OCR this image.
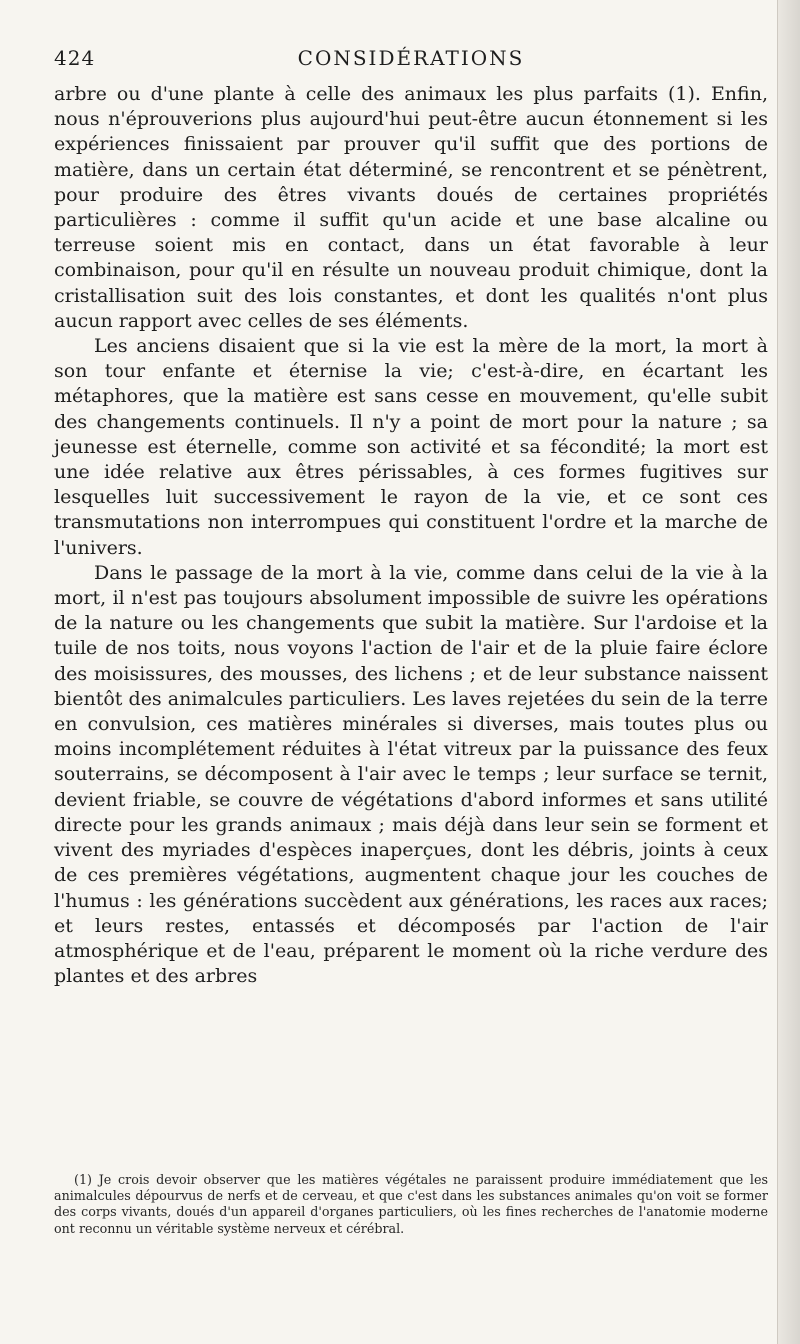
424	CONSIDÉRATIONS

arbre ou d'une plante à celle des animaux les plus parfaits (1). Enfin, nous n'éprouverions plus aujourd'hui peut-être aucun étonnement si les expériences finissaient par prouver qu'il suffit que des portions de matière, dans un certain état déterminé, se rencontrent et se pénètrent, pour produire des êtres vivants doués de certaines propriétés particulières : comme il suffit qu'un acide et une base alcaline ou terreuse soient mis en contact, dans un état favorable à leur combinaison, pour qu'il en résulte un nouveau produit chimique, dont la cristallisation suit des lois constantes, et dont les qualités n'ont plus aucun rapport avec celles de ses éléments.

Les anciens disaient que si la vie est la mère de la mort, la mort à son tour enfante et éternise la vie; c'est-à-dire, en écartant les métaphores, que la matière est sans cesse en mouvement, qu'elle subit des changements continuels. Il n'y a point de mort pour la nature ; sa jeunesse est éternelle, comme son activité et sa fécondité; la mort est une idée relative aux êtres périssables, à ces formes fugitives sur lesquelles luit successivement le rayon de la vie, et ce sont ces transmutations non interrompues qui constituent l'ordre et la marche de l'univers.

Dans le passage de la mort à la vie, comme dans celui de la vie à la mort, il n'est pas toujours absolument impossible de suivre les opérations de la nature ou les changements que subit la matière. Sur l'ardoise et la tuile de nos toits, nous voyons l'action de l'air et de la pluie faire éclore des moisissures, des mousses, des lichens ; et de leur substance naissent bientôt des animalcules particuliers. Les laves rejetées du sein de la terre en convulsion, ces matières minérales si diverses, mais toutes plus ou moins incomplétement réduites à l'état vitreux par la puissance des feux souterrains, se décomposent à l'air avec le temps ; leur surface se ternit, devient friable, se couvre de végétations d'abord informes et sans utilité directe pour les grands animaux ; mais déjà dans leur sein se forment et vivent des myriades d'espèces inaperçues, dont les débris, joints à ceux de ces premières végétations, augmentent chaque jour les couches de l'humus : les générations succèdent aux générations, les races aux races; et leurs restes, entassés et décomposés par l'action de l'air atmosphérique et de l'eau, préparent le moment où la riche verdure des plantes et des arbres

(1) Je crois devoir observer que les matières végétales ne paraissent produire immédiatement que les animalcules dépourvus de nerfs et de cerveau, et que c'est dans les substances animales qu'on voit se former des corps vivants, doués d'un appareil d'organes particuliers, où les fines recherches de l'anatomie moderne ont reconnu un véritable système nerveux et cérébral.
